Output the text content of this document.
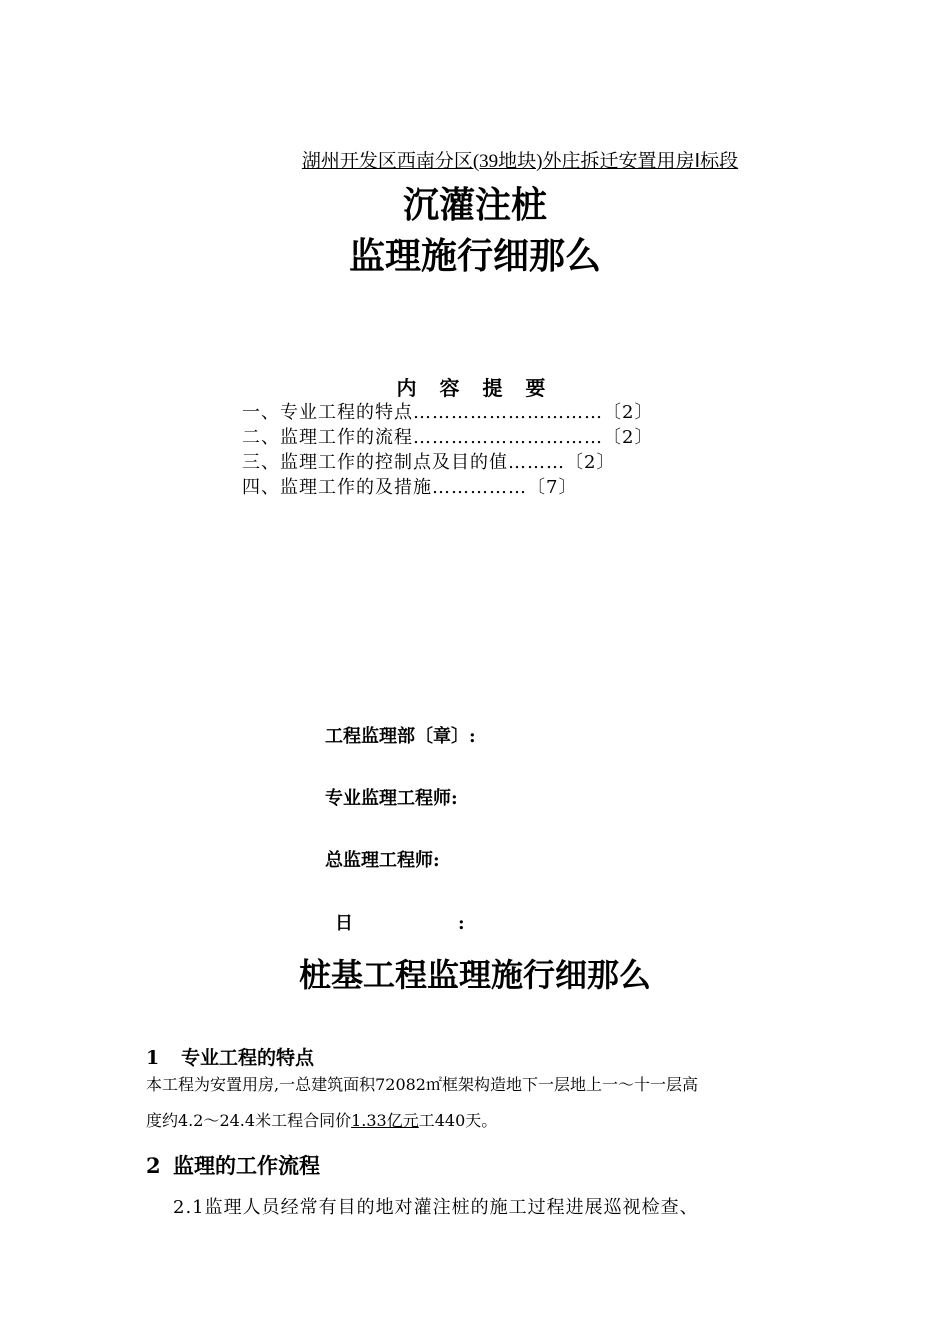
湖州开发区西南分区(39地块)外庄拆迁安置用房Ⅰ标段
沉灌注桩
监理施行细那么
内 容 提 要
一、专业工程的特点…………………………〔2〕
二、监理工作的流程…………………………〔2〕
三、监理工作的控制点及目的值………〔2〕
四、监理工作的及措施……………〔7〕
工程监理部〔章〕:
专业监理工程师:
总监理工程师:
日	:
桩基工程监理施行细那么
1 专业工程的特点
本工程为安置用房,一总建筑面积72082㎡框架构造地下一层地上一～十一层高
度约4.2～24.4米工程合同价1.33亿元工440天。
2 监理的工作流程
2.1监理人员经常有目的地对灌注桩的施工过程进展巡视检查、
